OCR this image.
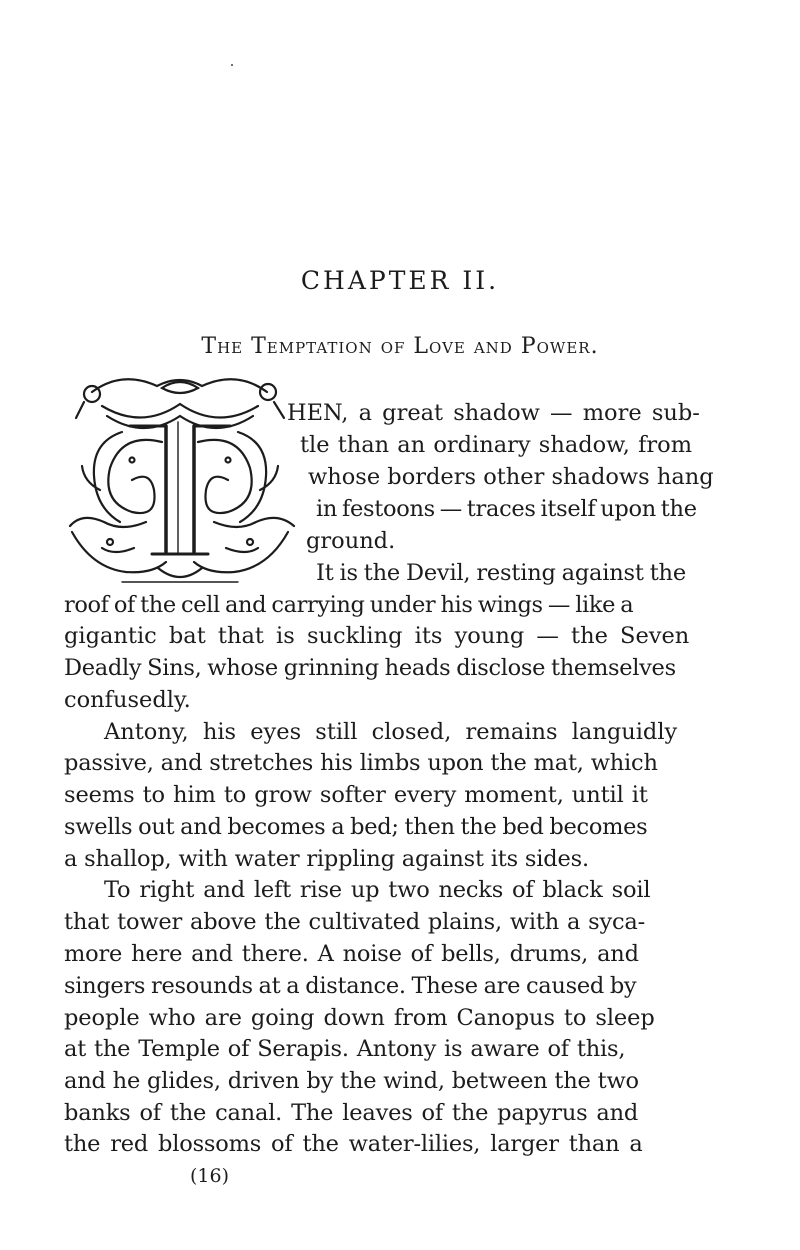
CHAPTER II.
The Temptation of Love and Power.
HEN, a great shadow — more sub-
tle than an ordinary shadow, from
whose borders other shadows hang
in festoons — traces itself upon the
ground.
It is the Devil, resting against the
roof of the cell and carrying under his wings — like a
gigantic bat that is suckling its young — the Seven
Deadly Sins, whose grinning heads disclose themselves
confusedly.
Antony, his eyes still closed, remains languidly
passive, and stretches his limbs upon the mat, which
seems to him to grow softer every moment, until it
swells out and becomes a bed; then the bed becomes
a shallop, with water rippling against its sides.
To right and left rise up two necks of black soil
that tower above the cultivated plains, with a syca-
more here and there. A noise of bells, drums, and
singers resounds at a distance. These are caused by
people who are going down from Canopus to sleep
at the Temple of Serapis. Antony is aware of this,
and he glides, driven by the wind, between the two
banks of the canal. The leaves of the papyrus and
the red blossoms of the water-lilies, larger than a
(16)
